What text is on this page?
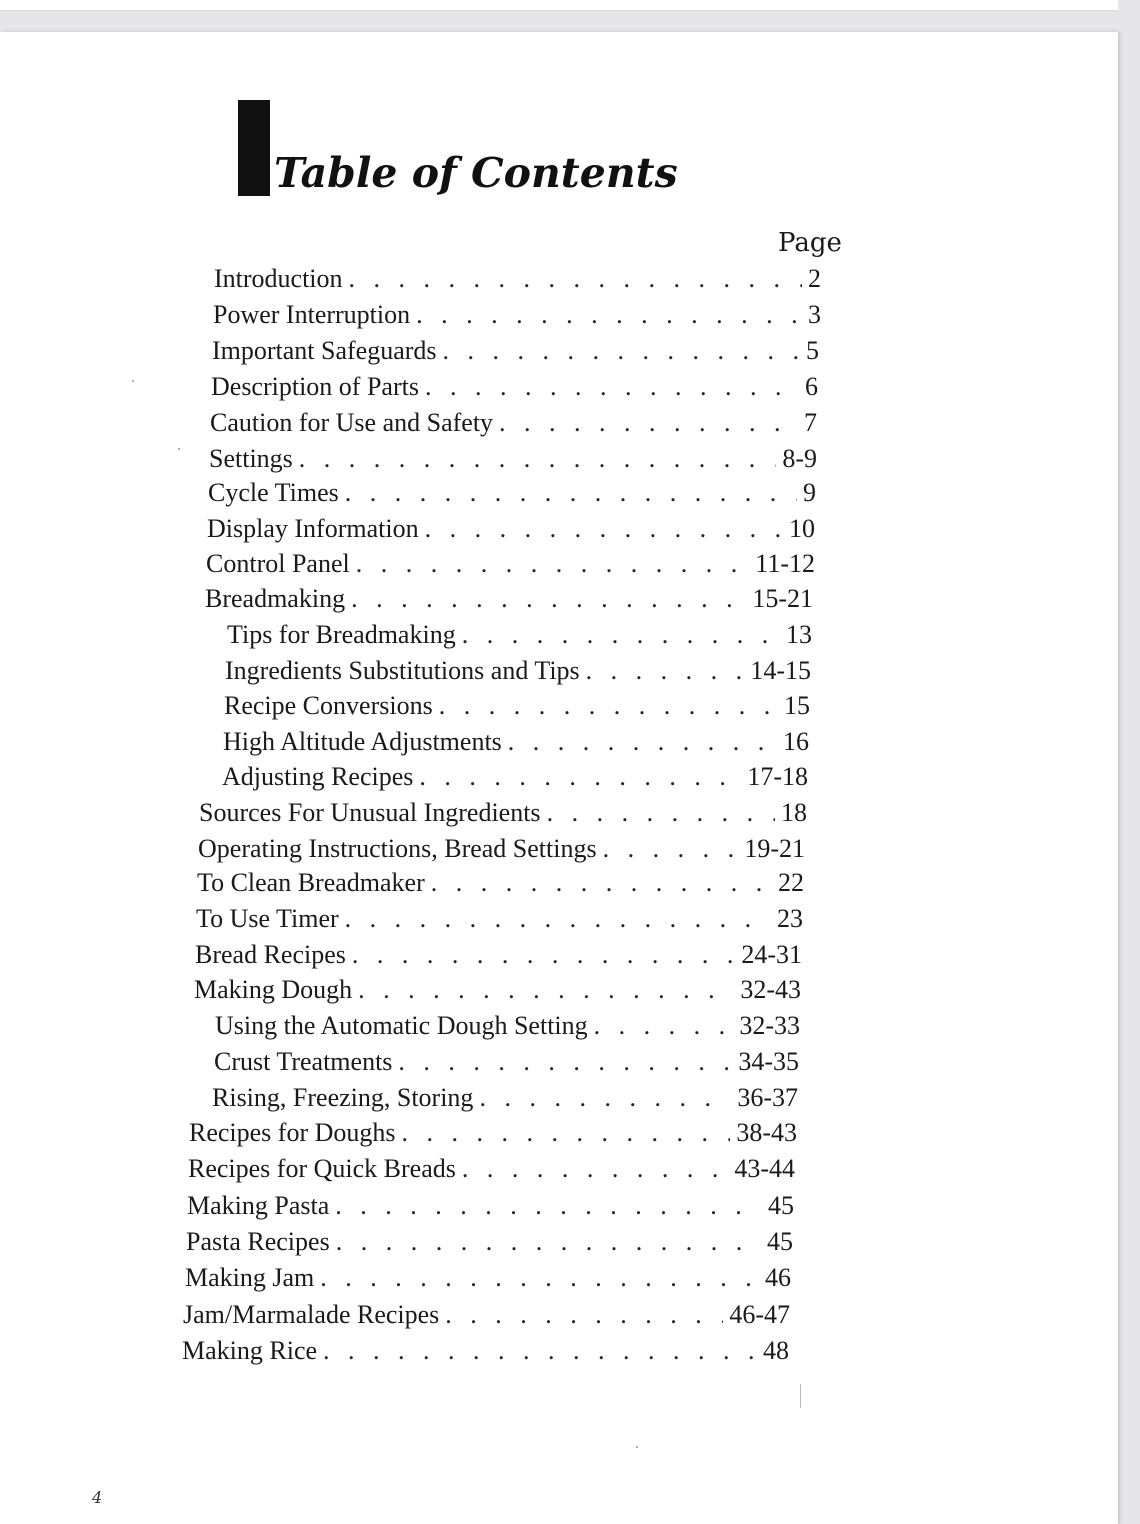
Table of Contents
Page
Introduction . . .	2
Power Interruption . . .	3
Important Safeguards . . .	5
Description of Parts . . .	6
Caution for Use and Safety . . .	7
Settings . . .	8-9
Cycle Times . . .	9
Display Information . . .	10
Control Panel . . .	11-12
Breadmaking . . .	15-21
Tips for Breadmaking . . .	13
Ingredients Substitutions and Tips . . .	14-15
Recipe Conversions . . .	15
High Altitude Adjustments . . .	16
Adjusting Recipes . . .	17-18
Sources For Unusual Ingredients . . .	18
Operating Instructions, Bread Settings . . .	19-21
To Clean Breadmaker . . .	22
To Use Timer . . .	23
Bread Recipes . . .	24-31
Making Dough . . .	32-43
Using the Automatic Dough Setting . . .	32-33
Crust Treatments . . .	34-35
Rising, Freezing, Storing . . .	36-37
Recipes for Doughs . . .	38-43
Recipes for Quick Breads . . .	43-44
Making Pasta . . .	45
Pasta Recipes . . .	45
Making Jam . . .	46
Jam/Marmalade Recipes . . .	46-47
Making Rice . . .	48
4
